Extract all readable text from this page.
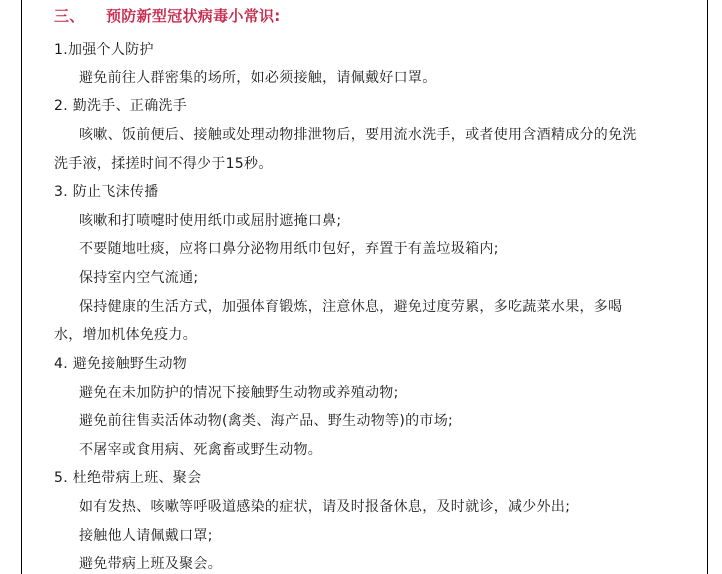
三、 预防新型冠状病毒小常识:
1.加强个人防护
避免前往人群密集的场所，如必须接触，请佩戴好口罩。
2. 勤洗手、正确洗手
咳嗽、饭前便后、接触或处理动物排泄物后，要用流水洗手，或者使用含酒精成分的免洗
洗手液，揉搓时间不得少于15秒。
3. 防止飞沫传播
咳嗽和打喷嚏时使用纸巾或屈肘遮掩口鼻;
不要随地吐痰，应将口鼻分泌物用纸巾包好，弃置于有盖垃圾箱内;
保持室内空气流通;
保持健康的生活方式，加强体育锻炼，注意休息，避免过度劳累，多吃蔬菜水果，多喝
水，增加机体免疫力。
4. 避免接触野生动物
避免在未加防护的情况下接触野生动物或养殖动物;
避免前往售卖活体动物(禽类、海产品、野生动物等)的市场;
不屠宰或食用病、死禽畜或野生动物。
5. 杜绝带病上班、聚会
如有发热、咳嗽等呼吸道感染的症状，请及时报备休息，及时就诊，减少外出;
接触他人请佩戴口罩;
避免带病上班及聚会。
